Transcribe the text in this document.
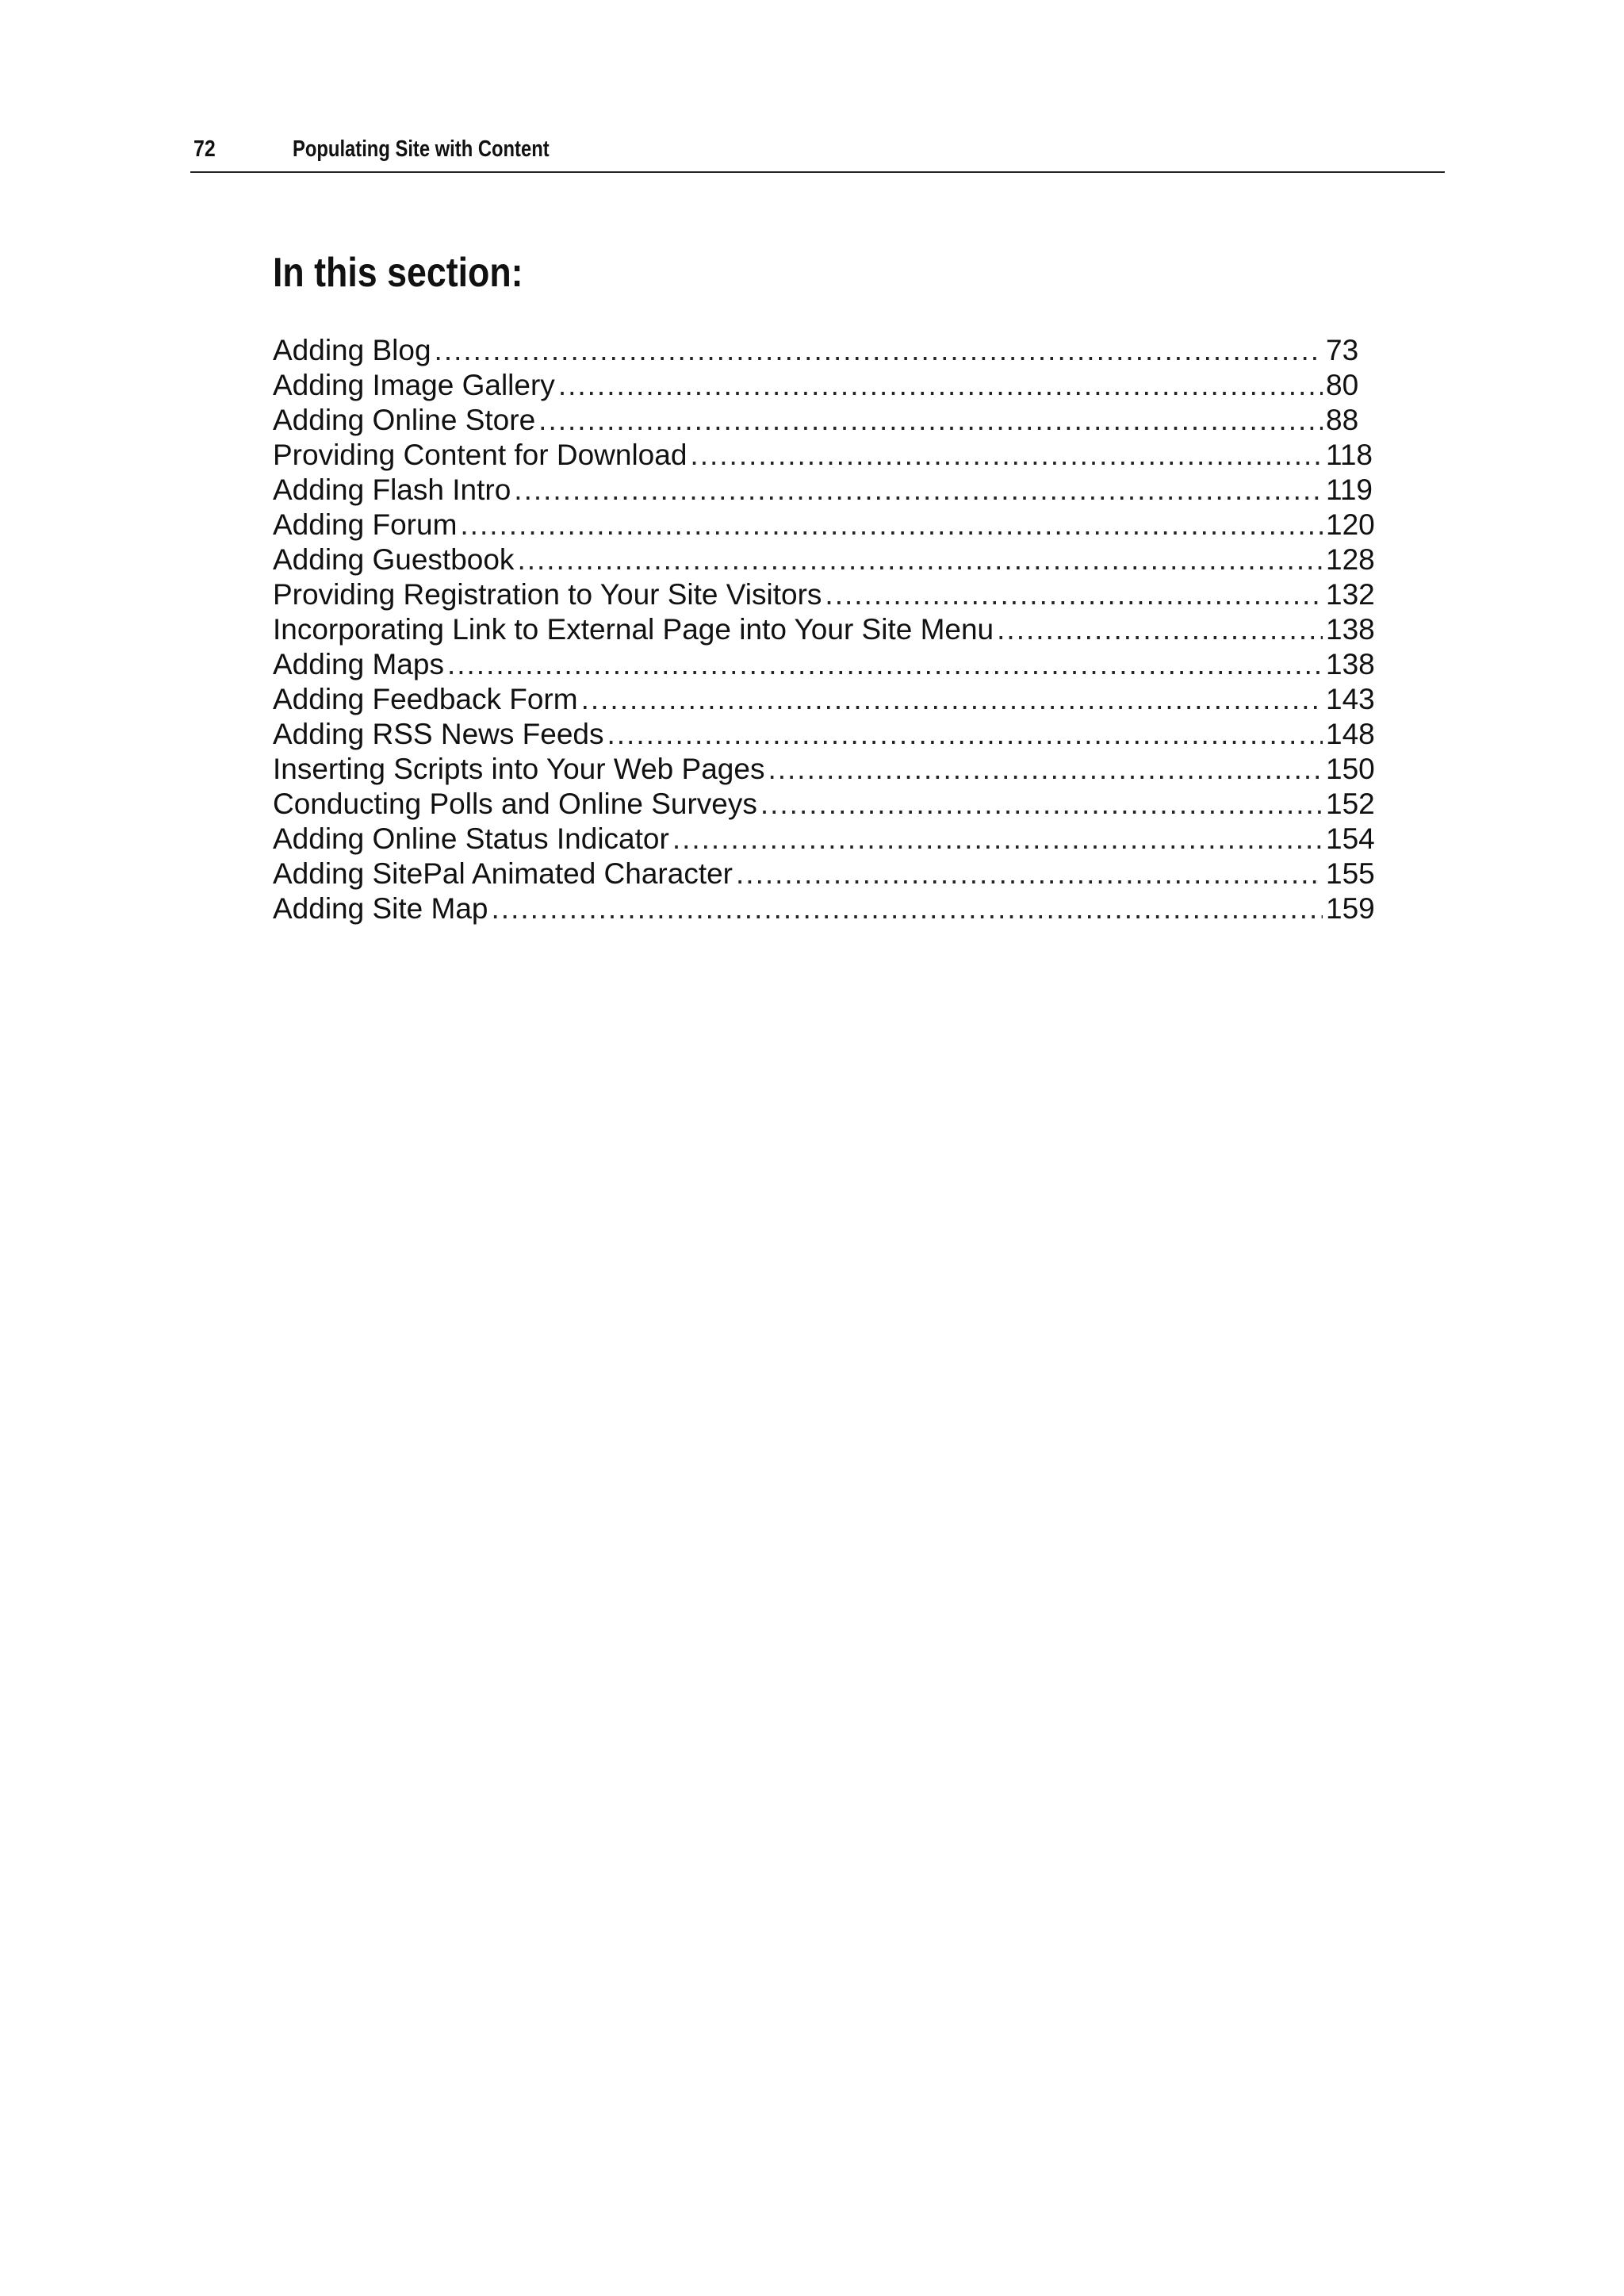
72	Populating Site with Content
In this section:
Adding Blog .....	73
Adding Image Gallery .....	80
Adding Online Store .....	88
Providing Content for Download .....	118
Adding Flash Intro .....	119
Adding Forum .....	120
Adding Guestbook .....	128
Providing Registration to Your Site Visitors .....	132
Incorporating Link to External Page into Your Site Menu .....	138
Adding Maps .....	138
Adding Feedback Form .....	143
Adding RSS News Feeds .....	148
Inserting Scripts into Your Web Pages .....	150
Conducting Polls and Online Surveys .....	152
Adding Online Status Indicator .....	154
Adding SitePal Animated Character .....	155
Adding Site Map .....	159
